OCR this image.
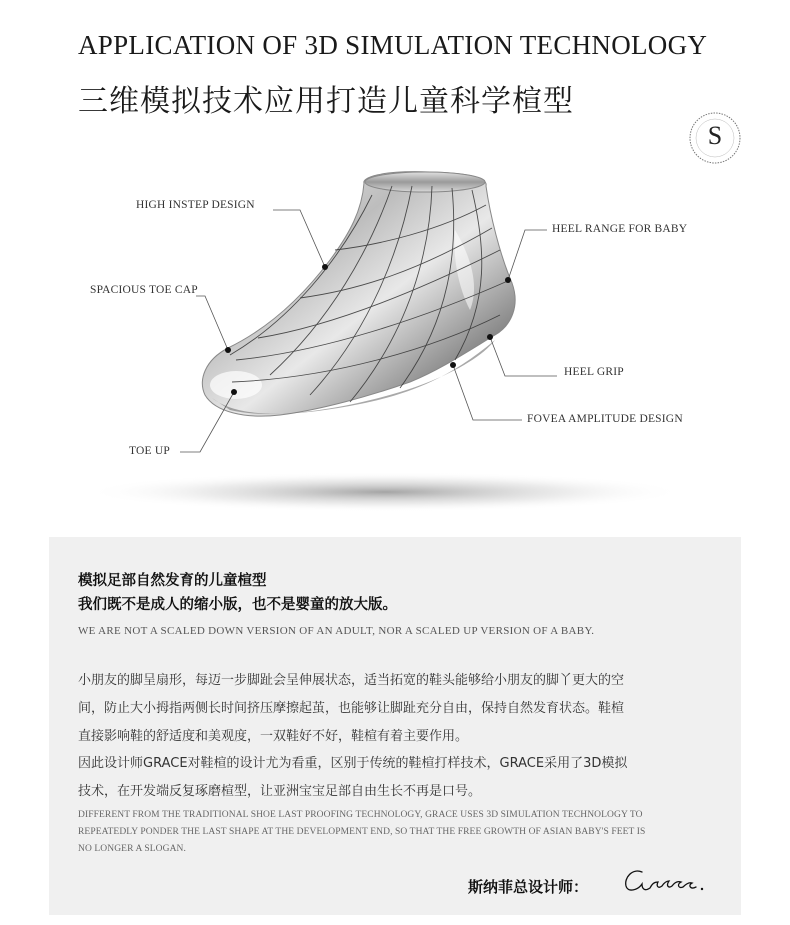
APPLICATION OF 3D SIMULATION TECHNOLOGY
三维模拟技术应用打造儿童科学楦型
S
HIGH INSTEP DESIGN
SPACIOUS TOE CAP
TOE UP
HEEL RANGE FOR BABY
HEEL GRIP
FOVEA AMPLITUDE DESIGN
模拟足部自然发育的儿童楦型
我们既不是成人的缩小版，也不是婴童的放大版。
WE ARE NOT A SCALED DOWN VERSION OF AN ADULT, NOR A SCALED UP VERSION OF A BABY.
小朋友的脚呈扇形，每迈一步脚趾会呈伸展状态，适当拓宽的鞋头能够给小朋友的脚丫更大的空
间，防止大小拇指两侧长时间挤压摩擦起茧，也能够让脚趾充分自由，保持自然发育状态。鞋楦
直接影响鞋的舒适度和美观度，一双鞋好不好，鞋楦有着主要作用。
因此设计师GRACE对鞋楦的设计尤为看重，区别于传统的鞋楦打样技术，GRACE采用了3D模拟
技术，在开发端反复琢磨楦型，让亚洲宝宝足部自由生长不再是口号。
DIFFERENT FROM THE TRADITIONAL SHOE LAST PROOFING TECHNOLOGY, GRACE USES 3D SIMULATION TECHNOLOGY TO
REPEATEDLY PONDER THE LAST SHAPE AT THE DEVELOPMENT END, SO THAT THE FREE GROWTH OF ASIAN BABY'S FEET IS
NO LONGER A SLOGAN.
斯纳菲总设计师：
